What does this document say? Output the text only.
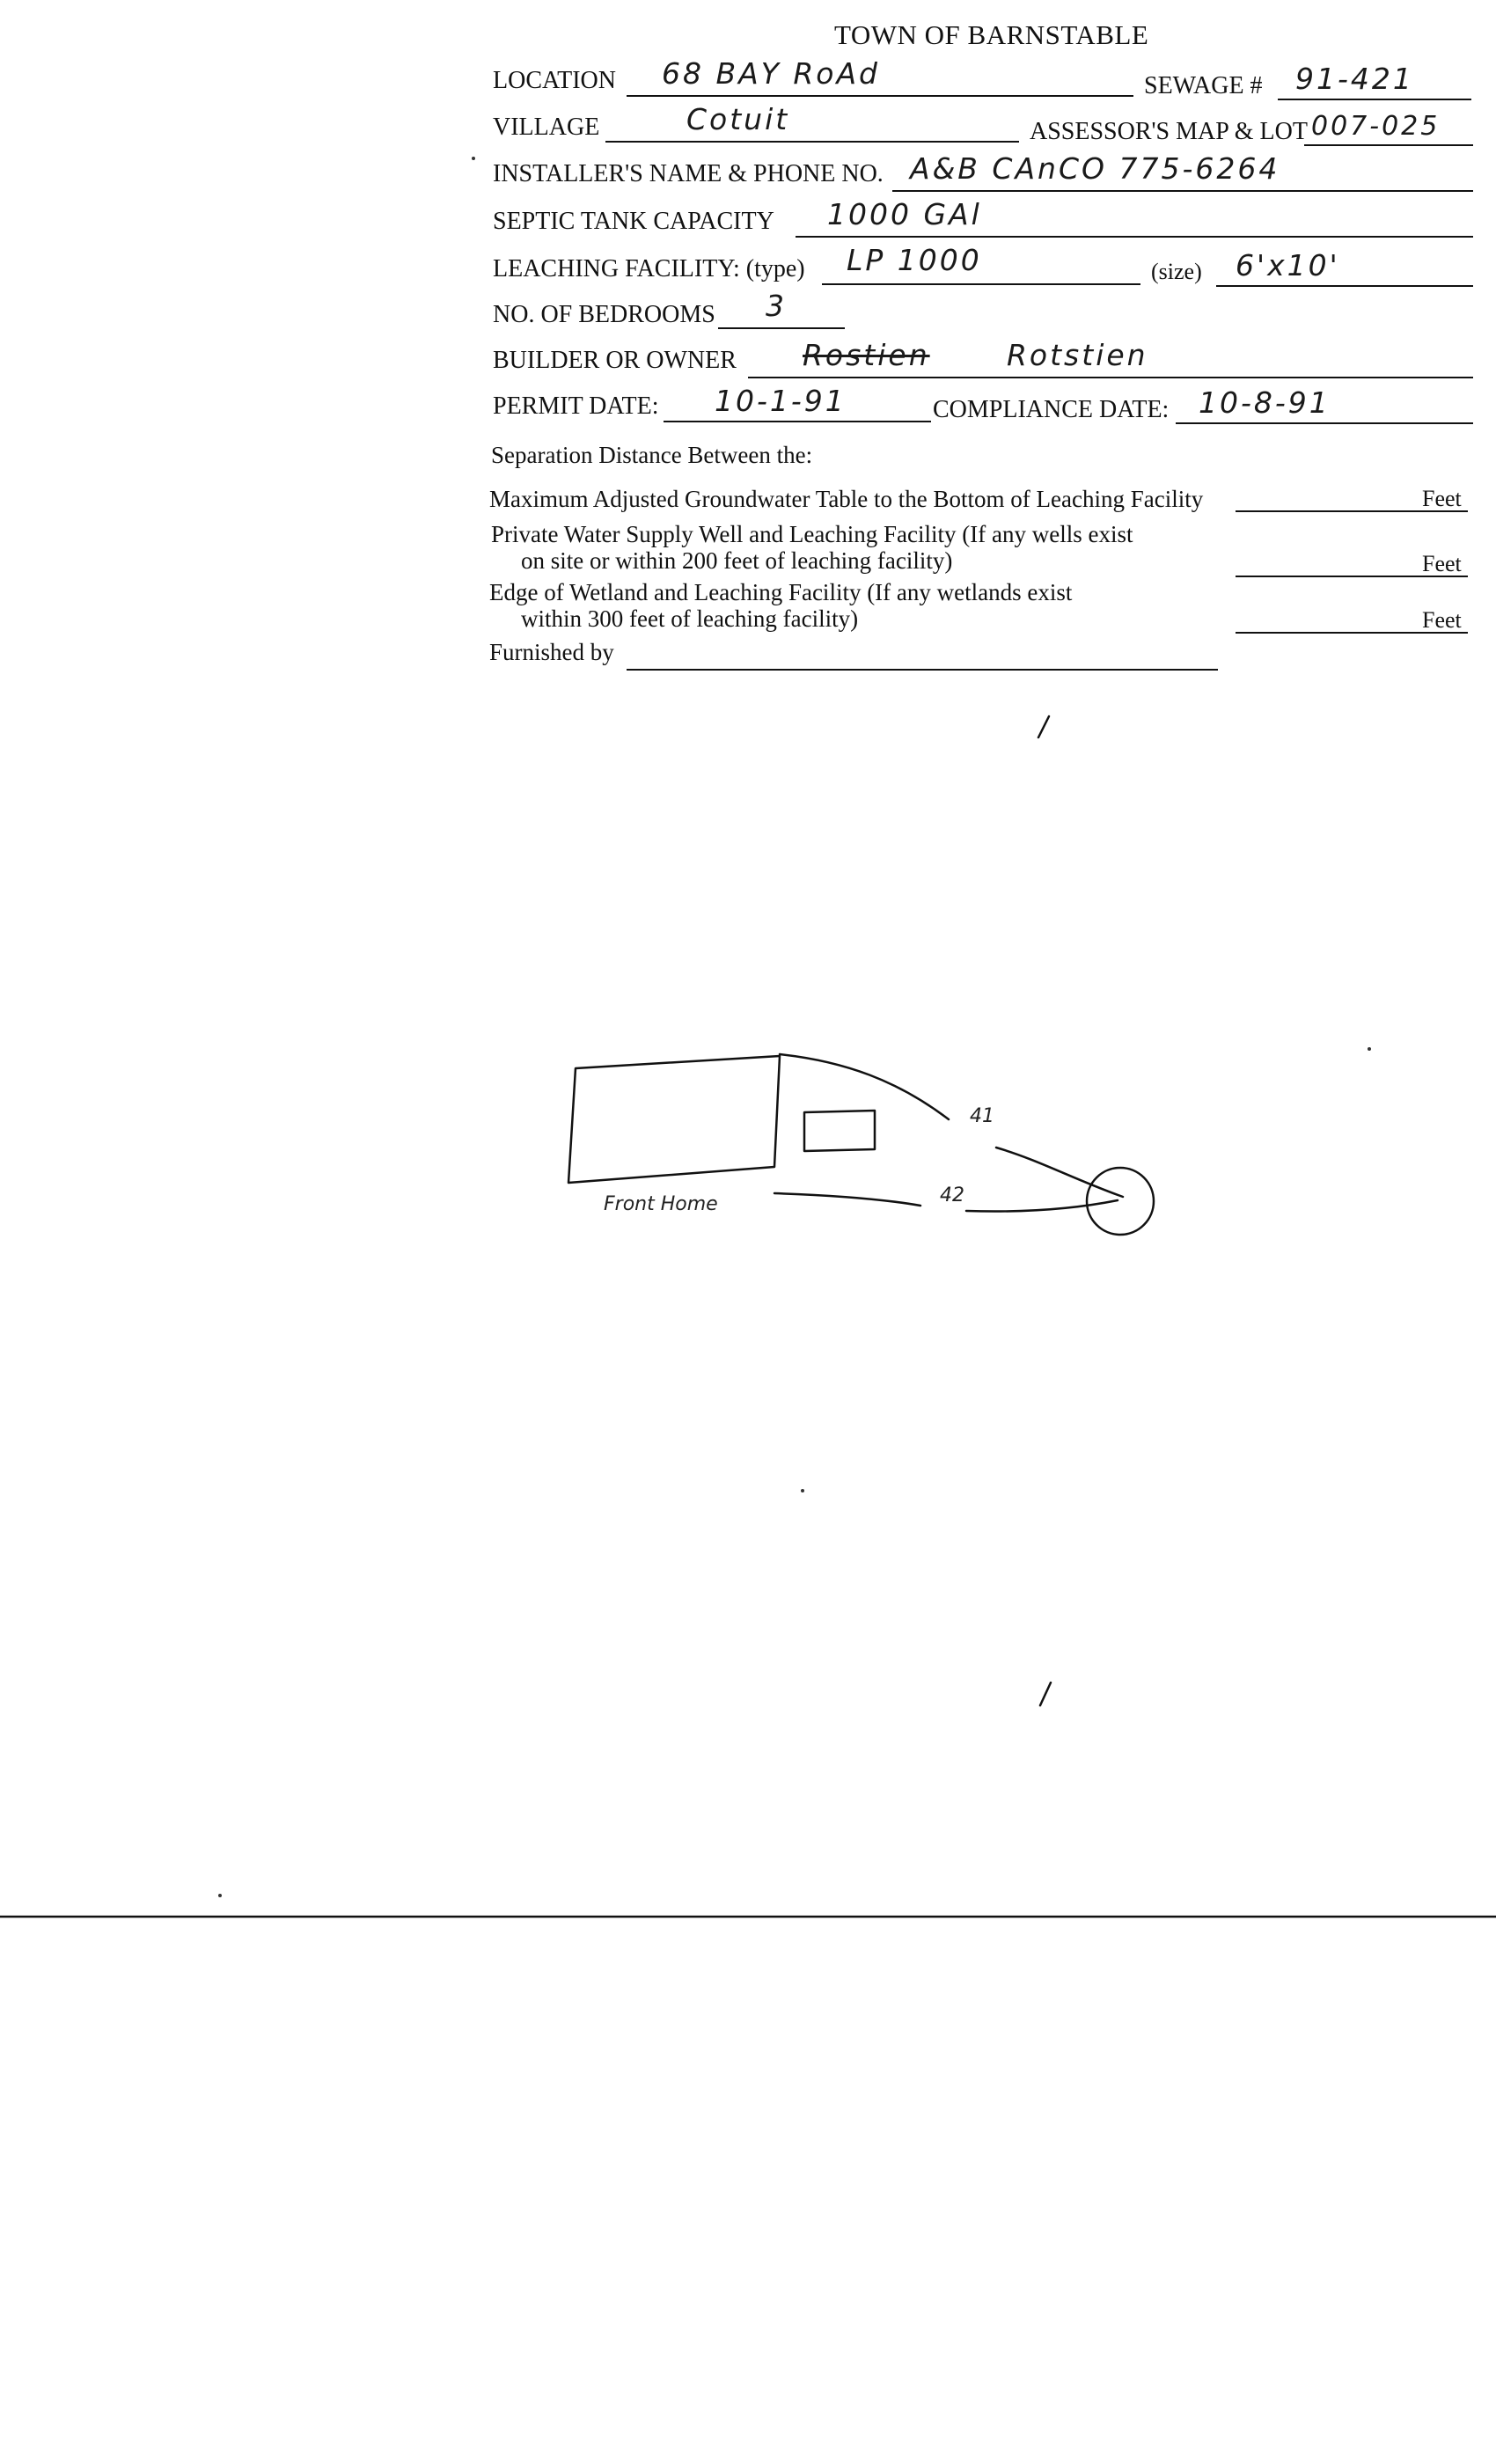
TOWN OF BARNSTABLE
LOCATION 68 BAY RoAd	SEWAGE # 91-421
VILLAGE	Cotuit	ASSESSOR'S MAP & LOT 007-025
INSTALLER'S NAME & PHONE NO. A&B CAnCO 775-6264
SEPTIC TANK CAPACITY 1000 GAl
LEACHING FACILITY: (type) LP 1000	(size) 6'x10'
NO. OF BEDROOMS 3
BUILDER OR OWNER Rostien	Rotstien
PERMIT DATE: 10-1-91	COMPLIANCE DATE: 10-8-91
Separation Distance Between the:
Maximum Adjusted Groundwater Table to the Bottom of Leaching Facility	Feet
Private Water Supply Well and Leaching Facility (If any wells exist
on site or within 200 feet of leaching facility)	Feet
Edge of Wetland and Leaching Facility (If any wetlands exist
within 300 feet of leaching facility)	Feet
Furnished by
Front Home
41
42
